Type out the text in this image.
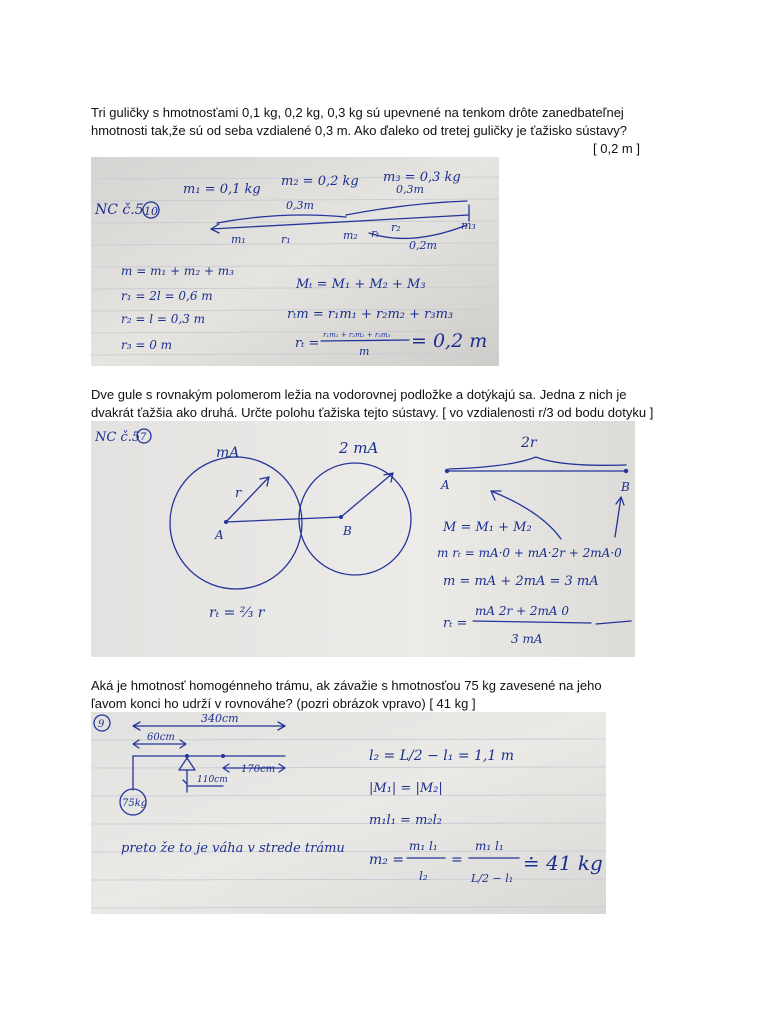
Tri guličky s hmotnosťami 0,1 kg, 0,2 kg, 0,3 kg sú upevnené na tenkom drôte zanedbateľnej
hmotnosti tak,že sú od seba vzdialené 0,3 m. Ako ďaleko od tretej guličky je ťažisko sústavy?

[ 0,2 m ]
NC č.5 10
m₁ = 0,1 kg
m₂ = 0,2 kg m₃ = 0,3 kg
0,3m
0,3m
0,2m
m₁	r₁	m₂ rₜ r₂	m₃
m = m₁ + m₂ + m₃
r₁ = 2l = 0,6 m
r₂ = l = 0,3 m
r₃ = 0 m
Mₜ = M₁ + M₂ + M₃
rₜm = r₁m₁ + r₂m₂ + r₃m₃
rₜ =
r₁m₁ + r₂m₂ + r₃m₃
m = 0,2 m

Dve gule s rovnakým polomerom ležia na vodorovnej podložke a dotýkajú sa. Jedna z nich je
dvakrát ťažšia ako druhá. Určte polohu ťažiska tejto sústavy. [ vo vzdialenosti r/3 od bodu dotyku ]

NC č.5 7
mA	2 mA
r
A	B
rₜ = ⅔ r
2r
A	B
M = M₁ + M₂
m rₜ = mA·0 + mA·2r + 2mA·0
m = mA + 2mA = 3 mA
rₜ =
mA 2r + 2mA 0
3 mA

Aká je hmotnosť homogénneho trámu, ak závažie s hmotnosťou 75 kg zavesené na jeho
ľavom konci ho udrží v rovnováhe? (pozri obrázok vpravo) [ 41 kg ]

9	340cm
60cm
75kg
110cm
170cm
preto že to je váha v strede trámu
l₂ = L/2 − l₁ = 1,1 m
|M₁| = |M₂|
m₁l₁ = m₂l₂
m₂ =
m₁ l₁
l₂
=
m₁ l₁
L/2 − l₁
≐ 41 kg
